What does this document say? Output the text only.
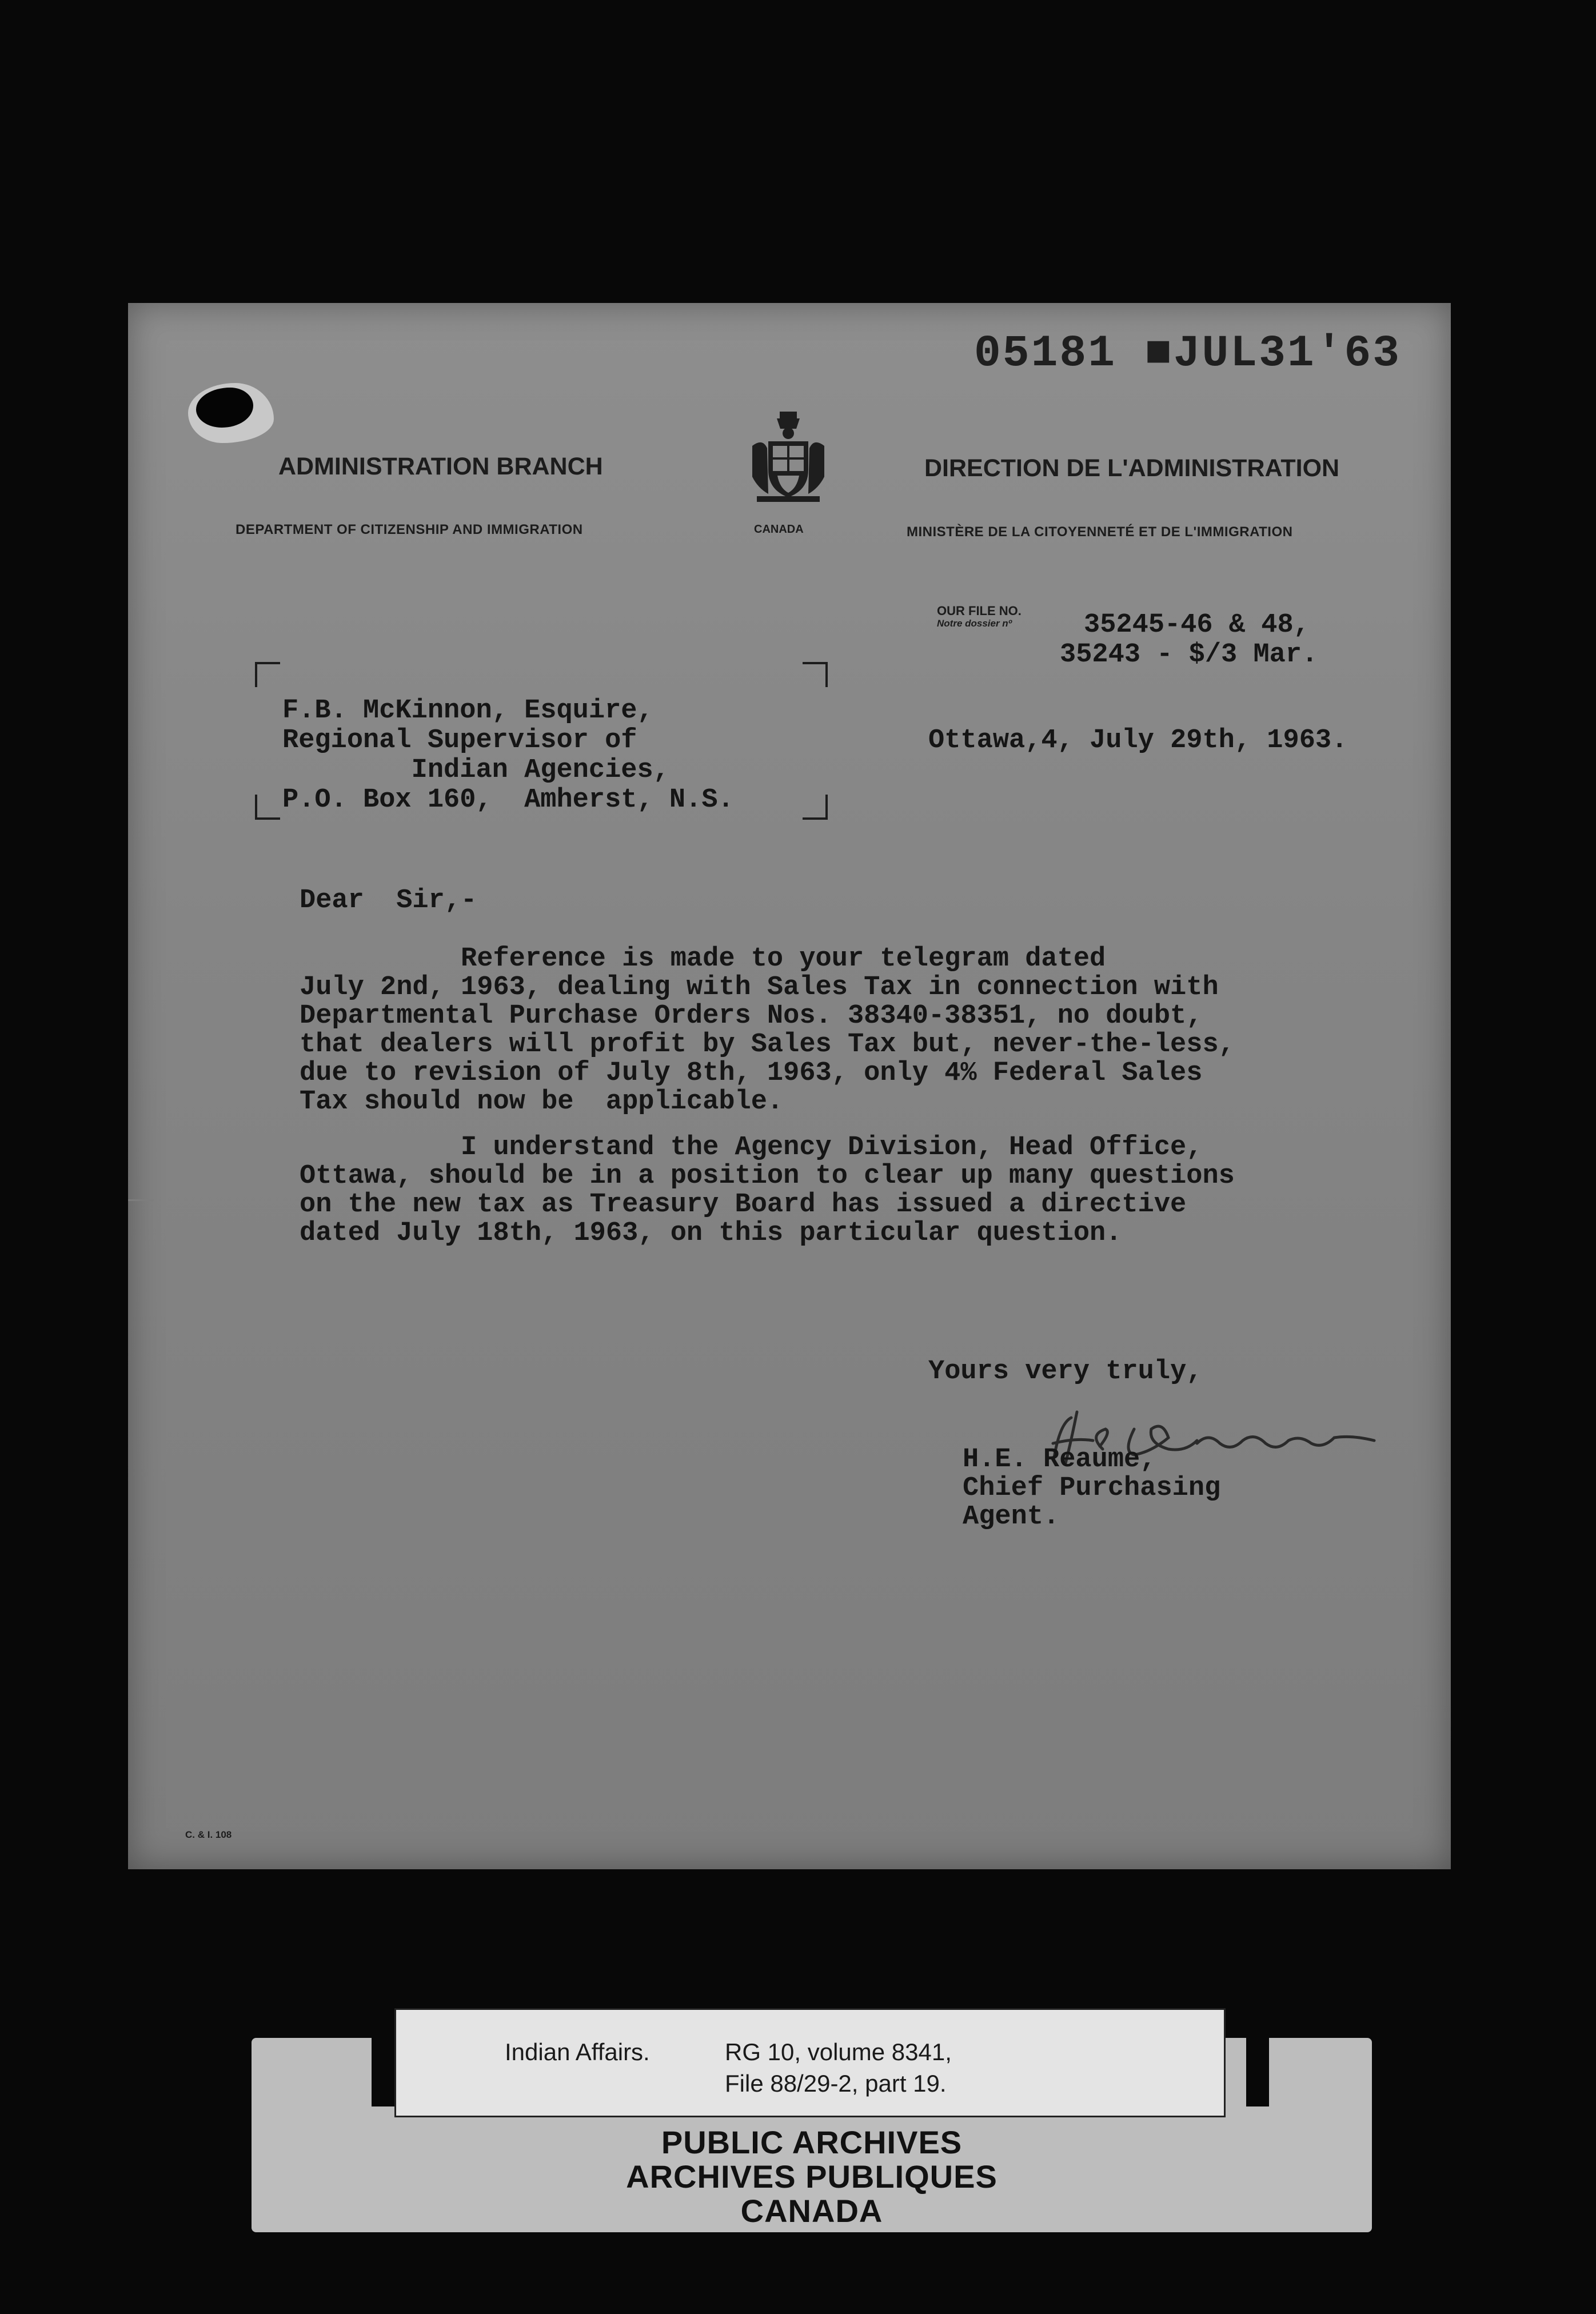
05181 ■JUL31'63
ADMINISTRATION BRANCH
DEPARTMENT OF CITIZENSHIP AND IMMIGRATION	CANADA
DIRECTION DE L'ADMINISTRATION
MINISTÈRE DE LA CITOYENNETÉ ET DE L'IMMIGRATION
OUR FILE NO.
Notre dossier nº	35245-46 & 48,
35243 - $/3 Mar.
F.B. McKinnon, Esquire,
Regional Supervisor of
Indian Agencies,
P.O. Box 160,  Amherst, N.S.
Ottawa,4, July 29th, 1963.
Dear  Sir,-
Reference is made to your telegram dated
July 2nd, 1963, dealing with Sales Tax in connection with
Departmental Purchase Orders Nos. 38340-38351, no doubt,
that dealers will profit by Sales Tax but, never-the-less,
due to revision of July 8th, 1963, only 4% Federal Sales
Tax should now be  applicable.
I understand the Agency Division, Head Office,
Ottawa, should be in a position to clear up many questions
on the new tax as Treasury Board has issued a directive
dated July 18th, 1963, on this particular question.
Yours very truly,
H.E. Reaume,
Chief Purchasing
Agent.
C. & I. 108
Indian Affairs.	RG 10, volume 8341,
File 88/29-2, part 19.
PUBLIC ARCHIVES
ARCHIVES PUBLIQUES
CANADA
